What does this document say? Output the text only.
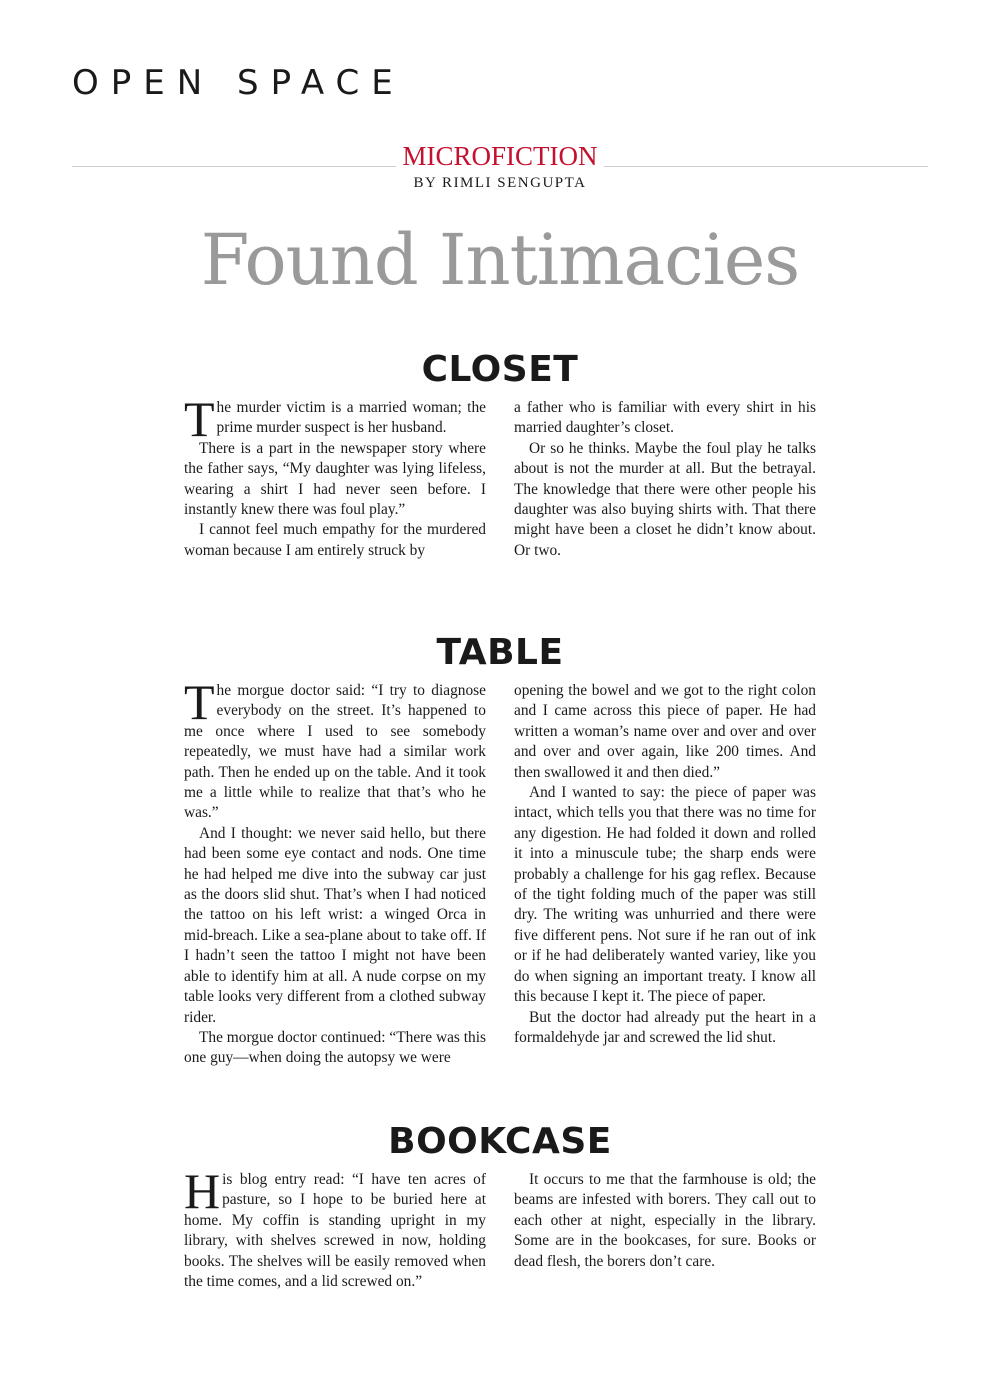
OPEN SPACE
MICROFICTION
BY RIMLI SENGUPTA
Found Intimacies
CLOSET

The murder victim is a married woman; the prime murder suspect is her husband.

There is a part in the newspaper story where the father says, “My daughter was lying lifeless, wearing a shirt I had never seen before. I instantly knew there was foul play.”

I cannot feel much empathy for the murdered woman because I am entirely struck by

a father who is familiar with every shirt in his married daughter’s closet.

Or so he thinks. Maybe the foul play he talks about is not the murder at all. But the betrayal. The knowledge that there were other people his daughter was also buying shirts with. That there might have been a closet he didn’t know about. Or two.

TABLE

The morgue doctor said: “I try to diagnose everybody on the street. It’s happened to me once where I used to see somebody repeatedly, we must have had a similar work path. Then he ended up on the table. And it took me a little while to realize that that’s who he was.”

And I thought: we never said hello, but there had been some eye contact and nods. One time he had helped me dive into the subway car just as the doors slid shut. That’s when I had noticed the tattoo on his left wrist: a winged Orca in mid-breach. Like a sea-plane about to take off. If I hadn’t seen the tattoo I might not have been able to identify him at all. A nude corpse on my table looks very different from a clothed subway rider.

The morgue doctor continued: “There was this one guy—when doing the autopsy we were

opening the bowel and we got to the right colon and I came across this piece of paper. He had written a woman’s name over and over and over and over and over again, like 200 times. And then swallowed it and then died.”

And I wanted to say: the piece of paper was intact, which tells you that there was no time for any digestion. He had folded it down and rolled it into a minuscule tube; the sharp ends were probably a challenge for his gag reflex. Because of the tight folding much of the paper was still dry. The writing was unhurried and there were five different pens. Not sure if he ran out of ink or if he had deliberately wanted variey, like you do when signing an important treaty. I know all this because I kept it. The piece of paper.

But the doctor had already put the heart in a formaldehyde jar and screwed the lid shut.

BOOKCASE

His blog entry read: “I have ten acres of pasture, so I hope to be buried here at home. My coffin is standing upright in my library, with shelves screwed in now, holding books. The shelves will be easily removed when the time comes, and a lid screwed on.”

It occurs to me that the farmhouse is old; the beams are infested with borers. They call out to each other at night, especially in the library. Some are in the bookcases, for sure. Books or dead flesh, the borers don’t care.
